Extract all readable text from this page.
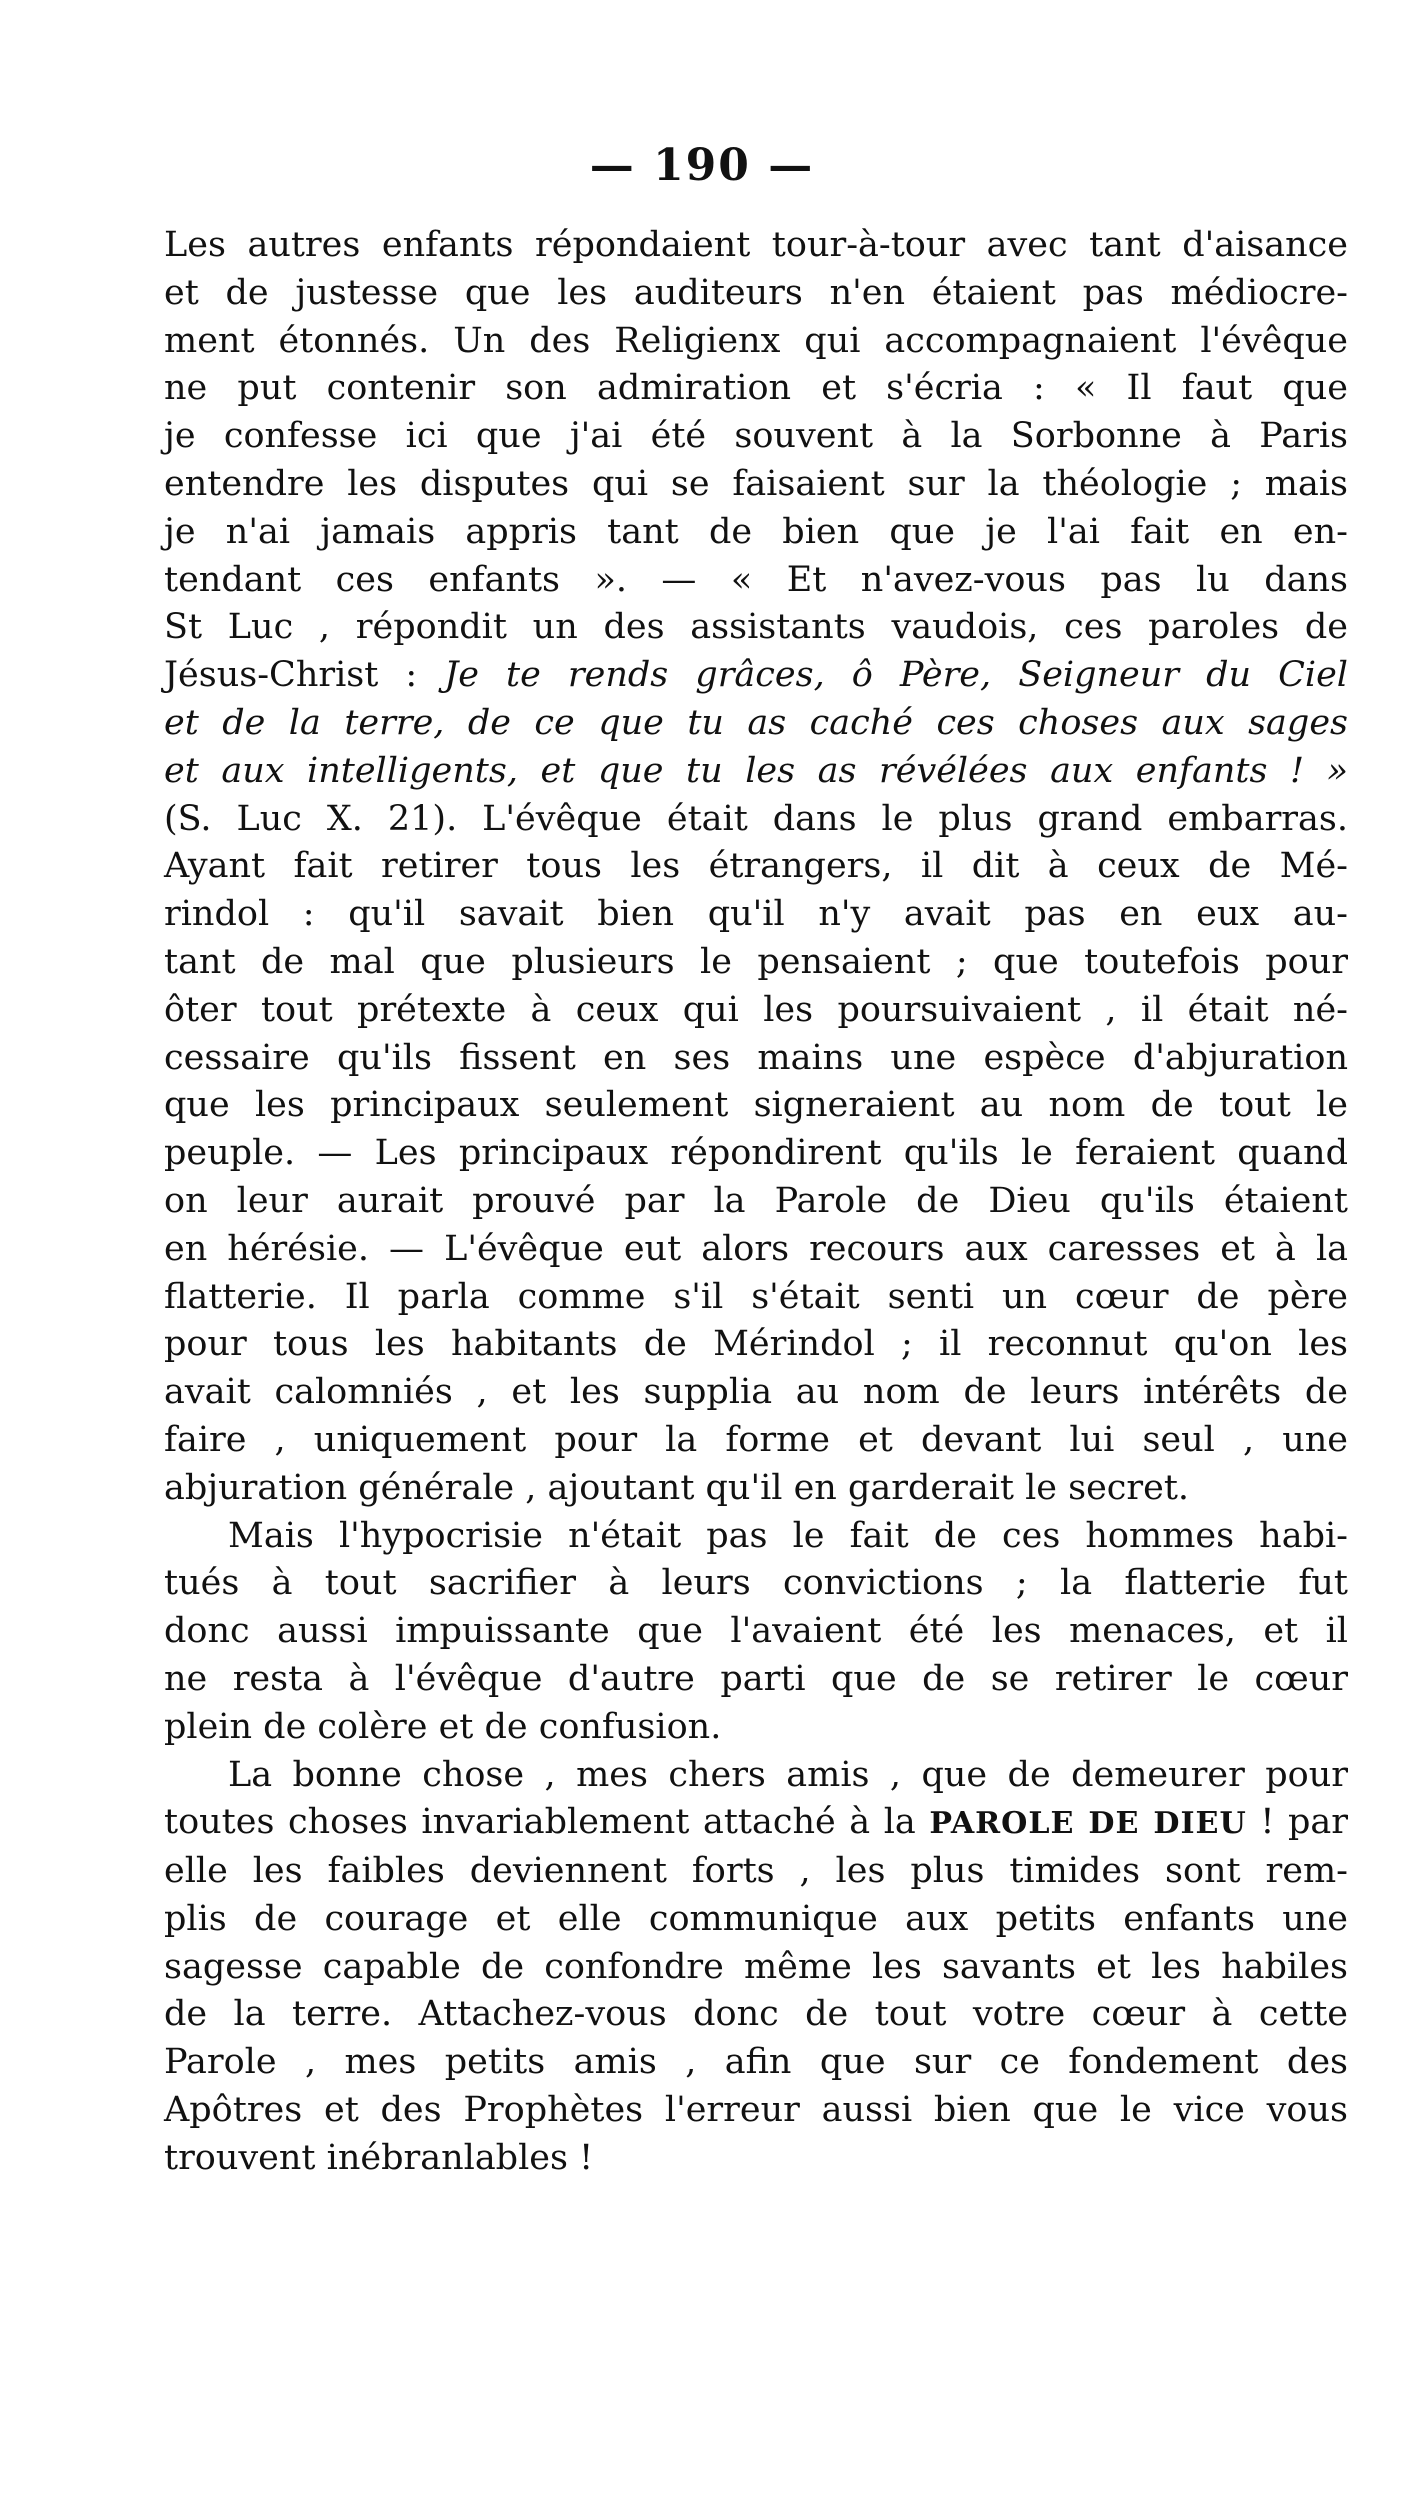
— 190 —
Les autres enfants répondaient tour-à-tour avec tant d'aisance
et de justesse que les auditeurs n'en étaient pas médiocre-
ment étonnés. Un des Religienx qui accompagnaient l'évêque
ne put contenir son admiration et s'écria : « Il faut que
je confesse ici que j'ai été souvent à la Sorbonne à Paris
entendre les disputes qui se faisaient sur la théologie ; mais
je n'ai jamais appris tant de bien que je l'ai fait en en-
tendant ces enfants ». — « Et n'avez-vous pas lu dans
St Luc , répondit un des assistants vaudois, ces paroles de
Jésus-Christ : Je te rends grâces, ô Père, Seigneur du Ciel
et de la terre, de ce que tu as caché ces choses aux sages
et aux intelligents, et que tu les as révélées aux enfants ! »
(S. Luc X. 21). L'évêque était dans le plus grand embarras.
Ayant fait retirer tous les étrangers, il dit à ceux de Mé-
rindol : qu'il savait bien qu'il n'y avait pas en eux au-
tant de mal que plusieurs le pensaient ; que toutefois pour
ôter tout prétexte à ceux qui les poursuivaient , il était né-
cessaire qu'ils fissent en ses mains une espèce d'abjuration
que les principaux seulement signeraient au nom de tout le
peuple. — Les principaux répondirent qu'ils le feraient quand
on leur aurait prouvé par la Parole de Dieu qu'ils étaient
en hérésie. — L'évêque eut alors recours aux caresses et à la
flatterie. Il parla comme s'il s'était senti un cœur de père
pour tous les habitants de Mérindol ; il reconnut qu'on les
avait calomniés , et les supplia au nom de leurs intérêts de
faire , uniquement pour la forme et devant lui seul , une
abjuration générale , ajoutant qu'il en garderait le secret.
Mais l'hypocrisie n'était pas le fait de ces hommes habi-
tués à tout sacrifier à leurs convictions ; la flatterie fut
donc aussi impuissante que l'avaient été les menaces, et il
ne resta à l'évêque d'autre parti que de se retirer le cœur
plein de colère et de confusion.
La bonne chose , mes chers amis , que de demeurer pour
toutes choses invariablement attaché à la PAROLE DE DIEU ! par
elle les faibles deviennent forts , les plus timides sont rem-
plis de courage et elle communique aux petits enfants une
sagesse capable de confondre même les savants et les habiles
de la terre. Attachez-vous donc de tout votre cœur à cette
Parole , mes petits amis , afin que sur ce fondement des
Apôtres et des Prophètes l'erreur aussi bien que le vice vous
trouvent inébranlables !
